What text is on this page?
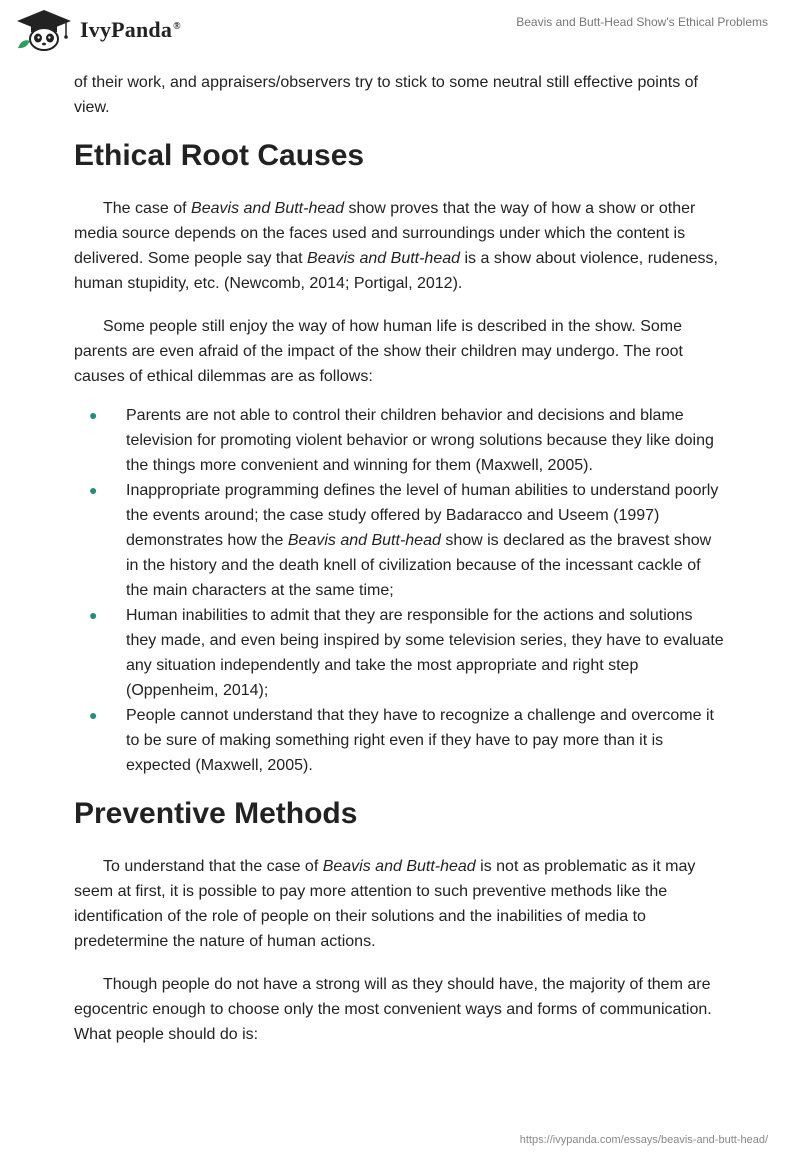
IvyPanda®	Beavis and Butt-Head Show's Ethical Problems

of their work, and appraisers/observers try to stick to some neutral still effective points of view.

Ethical Root Causes

The case of Beavis and Butt-head show proves that the way of how a show or other media source depends on the faces used and surroundings under which the content is delivered. Some people say that Beavis and Butt-head is a show about violence, rudeness, human stupidity, etc. (Newcomb, 2014; Portigal, 2012).

Some people still enjoy the way of how human life is described in the show. Some parents are even afraid of the impact of the show their children may undergo. The root causes of ethical dilemmas are as follows:

● Parents are not able to control their children behavior and decisions and blame television for promoting violent behavior or wrong solutions because they like doing the things more convenient and winning for them (Maxwell, 2005).
● Inappropriate programming defines the level of human abilities to understand poorly the events around; the case study offered by Badaracco and Useem (1997) demonstrates how the Beavis and Butt-head show is declared as the bravest show in the history and the death knell of civilization because of the incessant cackle of the main characters at the same time;
● Human inabilities to admit that they are responsible for the actions and solutions they made, and even being inspired by some television series, they have to evaluate any situation independently and take the most appropriate and right step (Oppenheim, 2014);
● People cannot understand that they have to recognize a challenge and overcome it to be sure of making something right even if they have to pay more than it is expected (Maxwell, 2005).
Preventive Methods

To understand that the case of Beavis and Butt-head is not as problematic as it may seem at first, it is possible to pay more attention to such preventive methods like the identification of the role of people on their solutions and the inabilities of media to predetermine the nature of human actions.

Though people do not have a strong will as they should have, the majority of them are egocentric enough to choose only the most convenient ways and forms of communication. What people should do is:

https://ivypanda.com/essays/beavis-and-butt-head/
